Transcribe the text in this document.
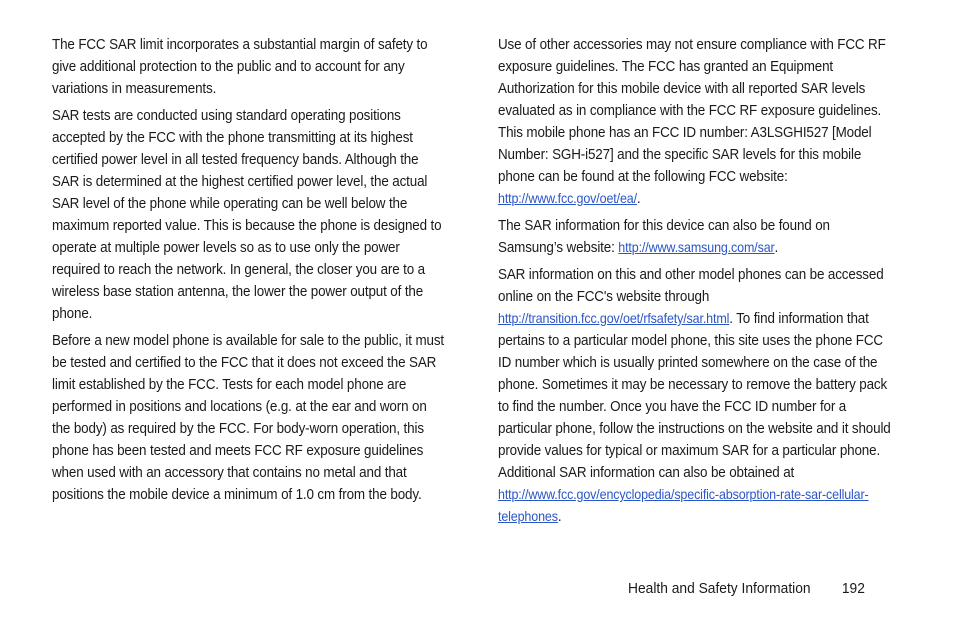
The FCC SAR limit incorporates a substantial margin of safety to give additional protection to the public and to account for any variations in measurements.

SAR tests are conducted using standard operating positions accepted by the FCC with the phone transmitting at its highest certified power level in all tested frequency bands. Although the SAR is determined at the highest certified power level, the actual SAR level of the phone while operating can be well below the maximum reported value. This is because the phone is designed to operate at multiple power levels so as to use only the power required to reach the network. In general, the closer you are to a wireless base station antenna, the lower the power output of the phone.

Before a new model phone is available for sale to the public, it must be tested and certified to the FCC that it does not exceed the SAR limit established by the FCC. Tests for each model phone are performed in positions and locations (e.g. at the ear and worn on the body) as required by the FCC. For body-worn operation, this phone has been tested and meets FCC RF exposure guidelines when used with an accessory that contains no metal and that positions the mobile device a minimum of 1.0 cm from the body.

Use of other accessories may not ensure compliance with FCC RF exposure guidelines. The FCC has granted an Equipment Authorization for this mobile device with all reported SAR levels evaluated as in compliance with the FCC RF exposure guidelines. This mobile phone has an FCC ID number: A3LSGHI527 [Model Number: SGH-i527] and the specific SAR levels for this mobile phone can be found at the following FCC website: http://www.fcc.gov/oet/ea/.

The SAR information for this device can also be found on Samsung’s website: http://www.samsung.com/sar.

SAR information on this and other model phones can be accessed online on the FCC's website through http://transition.fcc.gov/oet/rfsafety/sar.html. To find information that pertains to a particular model phone, this site uses the phone FCC ID number which is usually printed somewhere on the case of the phone. Sometimes it may be necessary to remove the battery pack to find the number. Once you have the FCC ID number for a particular phone, follow the instructions on the website and it should provide values for typical or maximum SAR for a particular phone. Additional SAR information can also be obtained at
http://www.fcc.gov/encyclopedia/specific-absorption-rate-sar-cellular-telephones.

Health and Safety Information 192
